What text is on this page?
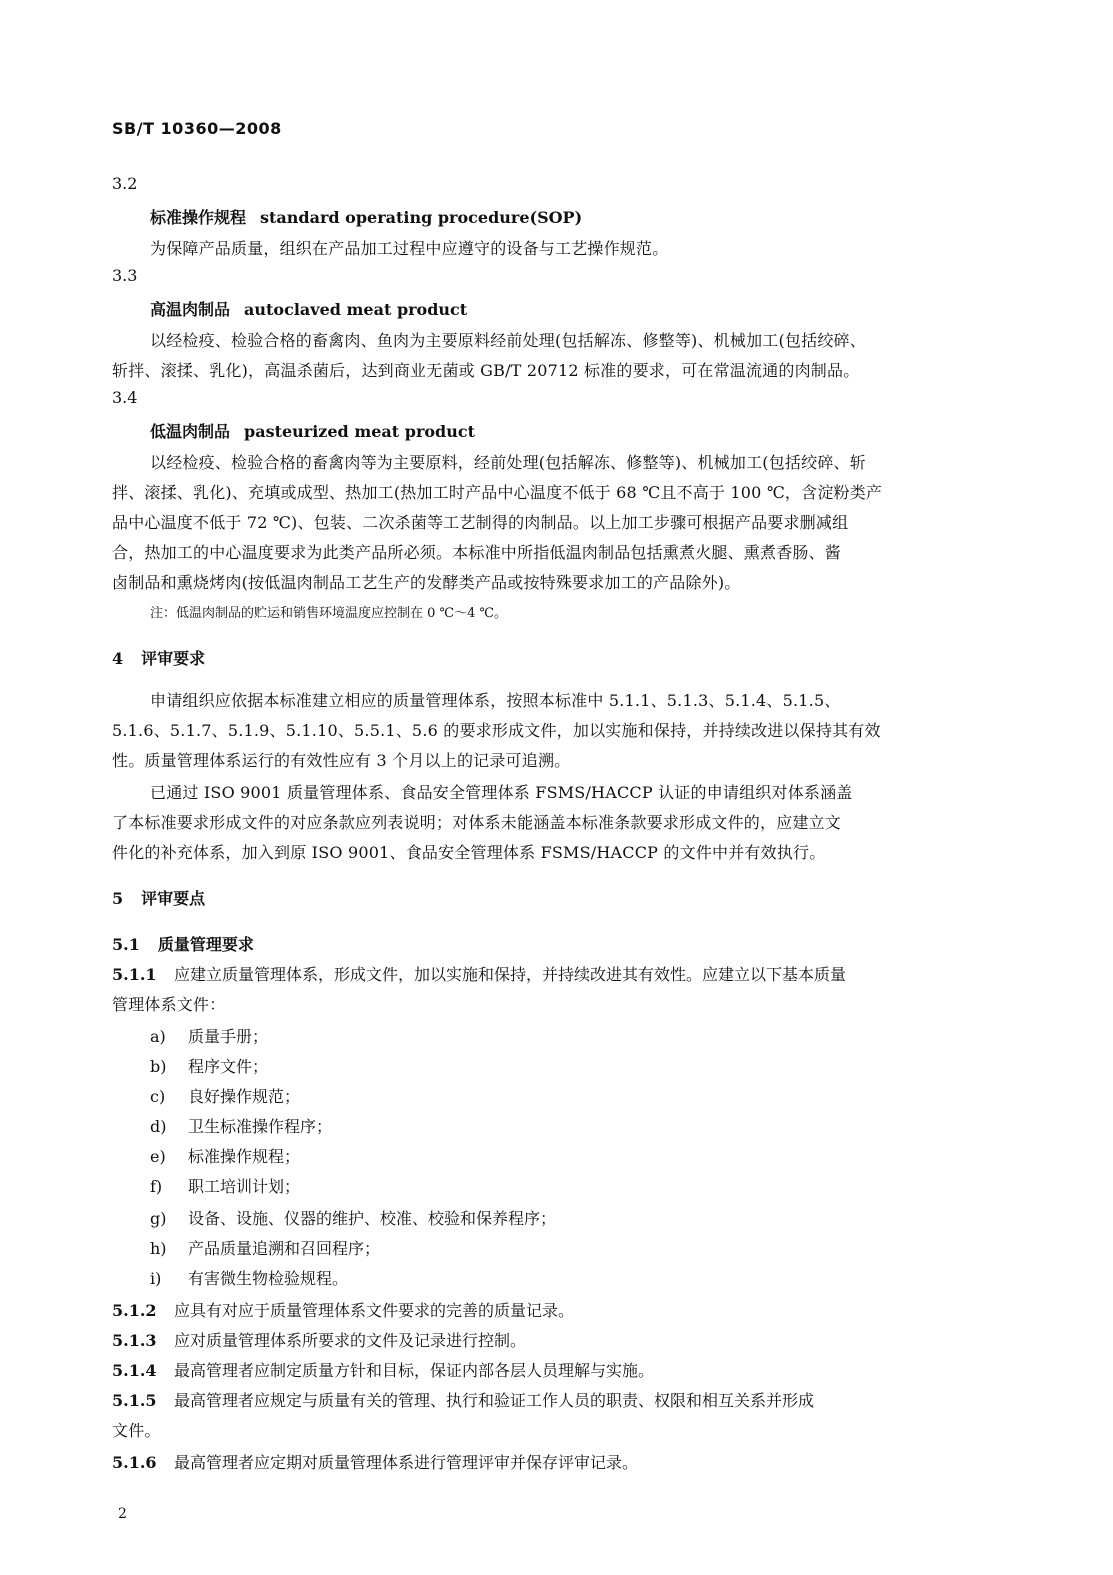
SB/T 10360—2008
3.2
标准操作规程 standard operating procedure(SOP)
为保障产品质量，组织在产品加工过程中应遵守的设备与工艺操作规范。
3.3
高温肉制品 autoclaved meat product
以经检疫、检验合格的畜禽肉、鱼肉为主要原料经前处理(包括解冻、修整等)、机械加工(包括绞碎、
斩拌、滚揉、乳化)，高温杀菌后，达到商业无菌或 GB/T 20712 标准的要求，可在常温流通的肉制品。
3.4
低温肉制品 pasteurized meat product
以经检疫、检验合格的畜禽肉等为主要原料，经前处理(包括解冻、修整等)、机械加工(包括绞碎、斩
拌、滚揉、乳化)、充填或成型、热加工(热加工时产品中心温度不低于 68 ℃且不高于 100 ℃，含淀粉类产
品中心温度不低于 72 ℃)、包装、二次杀菌等工艺制得的肉制品。以上加工步骤可根据产品要求删减组
合，热加工的中心温度要求为此类产品所必须。本标准中所指低温肉制品包括熏煮火腿、熏煮香肠、酱
卤制品和熏烧烤肉(按低温肉制品工艺生产的发酵类产品或按特殊要求加工的产品除外)。
注：低温肉制品的贮运和销售环境温度应控制在 0 ℃～4 ℃。
4 评审要求
申请组织应依据本标准建立相应的质量管理体系，按照本标准中 5.1.1、5.1.3、5.1.4、5.1.5、
5.1.6、5.1.7、5.1.9、5.1.10、5.5.1、5.6 的要求形成文件，加以实施和保持，并持续改进以保持其有效
性。质量管理体系运行的有效性应有 3 个月以上的记录可追溯。
已通过 ISO 9001 质量管理体系、食品安全管理体系 FSMS/HACCP 认证的申请组织对体系涵盖
了本标准要求形成文件的对应条款应列表说明；对体系未能涵盖本标准条款要求形成文件的，应建立文
件化的补充体系，加入到原 ISO 9001、食品安全管理体系 FSMS/HACCP 的文件中并有效执行。
5 评审要点
5.1 质量管理要求
5.1.1 应建立质量管理体系，形成文件，加以实施和保持，并持续改进其有效性。应建立以下基本质量
管理体系文件：
a) 质量手册；
b) 程序文件；
c) 良好操作规范；
d) 卫生标准操作程序；
e) 标准操作规程；
f) 职工培训计划；
g) 设备、设施、仪器的维护、校准、校验和保养程序；
h) 产品质量追溯和召回程序；
i) 有害微生物检验规程。
5.1.2 应具有对应于质量管理体系文件要求的完善的质量记录。
5.1.3 应对质量管理体系所要求的文件及记录进行控制。
5.1.4 最高管理者应制定质量方针和目标，保证内部各层人员理解与实施。
5.1.5 最高管理者应规定与质量有关的管理、执行和验证工作人员的职责、权限和相互关系并形成
文件。
5.1.6 最高管理者应定期对质量管理体系进行管理评审并保存评审记录。
2
